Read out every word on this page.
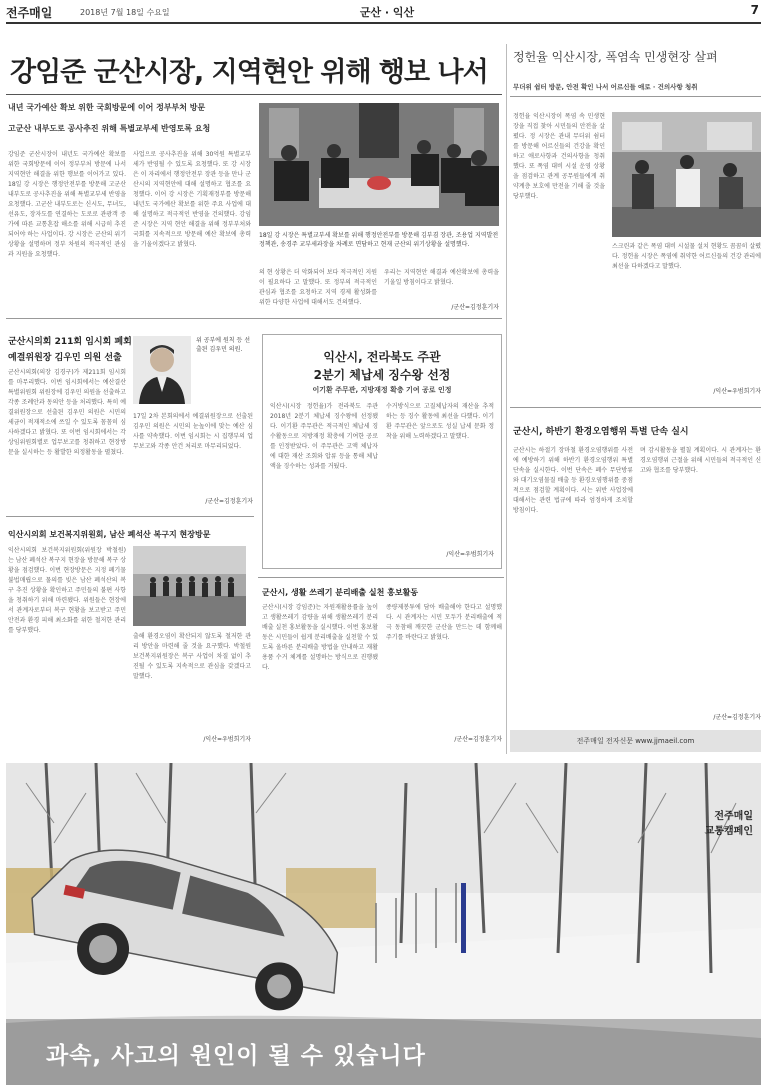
전주매일	2018년 7월 18일 수요일	군산 · 익산	7
강임준 군산시장, 지역현안 위해 행보 나서
내년 국가예산 확보 위한 국회방문에 이어 정부부처 방문
고군산 내부도로 공사추진 위해 특별교부세 반영토록 요청
강임준 군산시장이 내년도 국가예산 확보를 위한 국회방문에 이어 정부부처 방문에 나서 지역현안 해결을 위한 행보를 이어가고 있다. 18일 강 시장은 행정안전부를 방문해 고군산 내부도로 공사추진을 위해 특별교부세 반영을 요청했다. 고군산 내부도로는 신시도, 무녀도, 선유도, 장자도를 연결하는 도로로 관광객 증가에 따른 교통혼잡 해소를 위해 시급히 추진되어야 하는 사업이다. 강 시장은 군산의 위기상황을 설명하며 정부 차원의 적극적인 관심과 지원을 요청했다.
사업으로 공사추진을 위해 30억원 특별교부세가 반영될 수 있도록 요청했다. 또 강 시장은 이 자리에서 행정안전부 장관 등을 만나 군산시의 지역현안에 대해 설명하고 협조를 요청했다. 이어 강 시장은 기획재정부를 방문해 내년도 국가예산 확보를 위한 주요 사업에 대해 설명하고 적극적인 반영을 건의했다. 강임준 시장은 지역 현안 해결을 위해 정부부처와 국회를 지속적으로 방문해 예산 확보에 총력을 기울이겠다고 밝혔다.
18일 강 시장은 특별교부세 확보를 위해 행정안전부를 방문해 김부겸 장관, 조용업 지역발전정책관, 송경주 교부세과장을 차례로 면담하고 현재 군산의 위기상황을 설명했다.
의 현 상황은 더 악화되어 보다 적극적인 지원이 필요하다 고 말했다. 또 정부의 적극적인 관심과 협조를 요청하고 지역 경제 활성화를 위한 다양한 사업에 대해서도 건의했다.
우리는 지역현안 해결과 예산확보에 총력을 기울일 방침이다고 밝혔다.
/군산=김정훈기자
군산시의회 211회 임시회 폐회
예결위원장 김우민 의원 선출
군산시의회(의장 김경구)가 제211회 임시회를 마무리했다. 이번 임시회에서는 예산결산특별위원회 위원장에 김우민 의원을 선출하고 각종 조례안과 동의안 등을 처리했다. 특히 예결위원장으로 선출된 김우민 의원은 시민의 세금이 적재적소에 쓰일 수 있도록 꼼꼼히 심사하겠다고 밝혔다. 또 이번 임시회에서는 각 상임위원회별로 업무보고를 청취하고 현장방문을 실시하는 등 활발한 의정활동을 펼쳤다.
위 공부에 원칙 등 선출된 김우민 의원.
17일 2차 본회의에서 예결위원장으로 선출된 김우민 의원은 시민의 눈높이에 맞는 예산 심사를 약속했다. 이번 임시회는 시 집행부의 업무보고와 각종 안건 처리로 마무리되었다.
/군산=김정훈기자
익산시, 전라북도 주관
2분기 체납세 징수왕 선정
이기환 주무관, 지방재정 확충 기여 공로 인정
익산시(시장 정헌율)가 전라북도 주관 2018년 2분기 체납세 징수왕에 선정됐다. 이기환 주무관은 적극적인 체납세 징수활동으로 지방재정 확충에 기여한 공로를 인정받았다. 이 주무관은 고액 체납자에 대한 재산 조회와 압류 등을 통해 체납액을 징수하는 성과를 거뒀다.
수거방식으로 고질체납자의 재산을 추적하는 등 징수 활동에 최선을 다했다. 이기환 주무관은 앞으로도 성실 납세 문화 정착을 위해 노력하겠다고 말했다.
/익산=우범희기자
익산시의회 보건복지위원회, 남산 폐석산 복구지 현장방문
익산시의회 보건복지위원회(위원장 박철원)는 남산 폐석산 복구지 현장을 방문해 복구 상황을 점검했다. 이번 현장방문은 지정 폐기물 불법매립으로 물의를 빚은 남산 폐석산의 복구 추진 상황을 확인하고 주민들의 불편 사항을 청취하기 위해 마련됐다. 위원들은 현장에서 관계자로부터 복구 현황을 보고받고 주민 안전과 환경 피해 최소화를 위한 철저한 관리를 당부했다.
출해 환경오염이 확산되지 않도록 철저한 관리 방안을 마련해 줄 것을 요구했다. 박철원 보건복지위원장은 복구 사업이 차질 없이 추진될 수 있도록 지속적으로 관심을 갖겠다고 말했다.
/익산=우범희기자
군산시, 생활 쓰레기 분리배출 실천 홍보활동
군산시(시장 강임준)는 자원재활용률을 높이고 생활쓰레기 감량을 위해 생활쓰레기 분리배출 실천 홍보활동을 실시했다. 이번 홍보활동은 시민들이 쉽게 분리배출을 실천할 수 있도록 올바른 분리배출 방법을 안내하고 재활용품 수거 체계를 설명하는 방식으로 진행됐다.
종량제봉투에 담아 배출해야 한다고 설명했다. 시 관계자는 시민 모두가 분리배출에 적극 동참해 깨끗한 군산을 만드는 데 함께해 주기를 바란다고 밝혔다.
/군산=김정훈기자
정헌율 익산시장, 폭염속 민생현장 살펴
무더위 쉼터 방문, 안전 확인 나서 어르신들 애로 · 건의사항 청취
정헌율 익산시장이 폭염 속 민생현장을 직접 찾아 시민들의 안전을 살폈다. 정 시장은 관내 무더위 쉼터를 방문해 어르신들의 건강을 확인하고 애로사항과 건의사항을 청취했다. 또 폭염 대비 시설 운영 상황을 점검하고 관계 공무원들에게 취약계층 보호에 만전을 기해 줄 것을 당부했다.
스크린과 같은 폭염 대비 시설물 설치 현황도 꼼꼼히 살폈다. 정헌율 시장은 폭염에 취약한 어르신들의 건강 관리에 최선을 다하겠다고 말했다.
/익산=우범희기자
군산시, 하반기 환경오염행위 특별 단속 실시
군산시는 하절기 장마철 환경오염행위를 사전에 예방하기 위해 하반기 환경오염행위 특별 단속을 실시한다. 이번 단속은 폐수 무단방류와 대기오염물질 배출 등 환경오염행위를 중점적으로 점검할 계획이다. 시는 위반 사업장에 대해서는 관련 법규에 따라 엄정하게 조치할 방침이다.
며 감시활동을 펼칠 계획이다. 시 관계자는 환경오염행위 근절을 위해 시민들의 적극적인 신고와 협조를 당부했다.
/군산=김정훈기자
전주매일 전자신문 www.jjmaeil.com
전주매일
교통캠페인
과속, 사고의 원인이 될 수 있습니다
